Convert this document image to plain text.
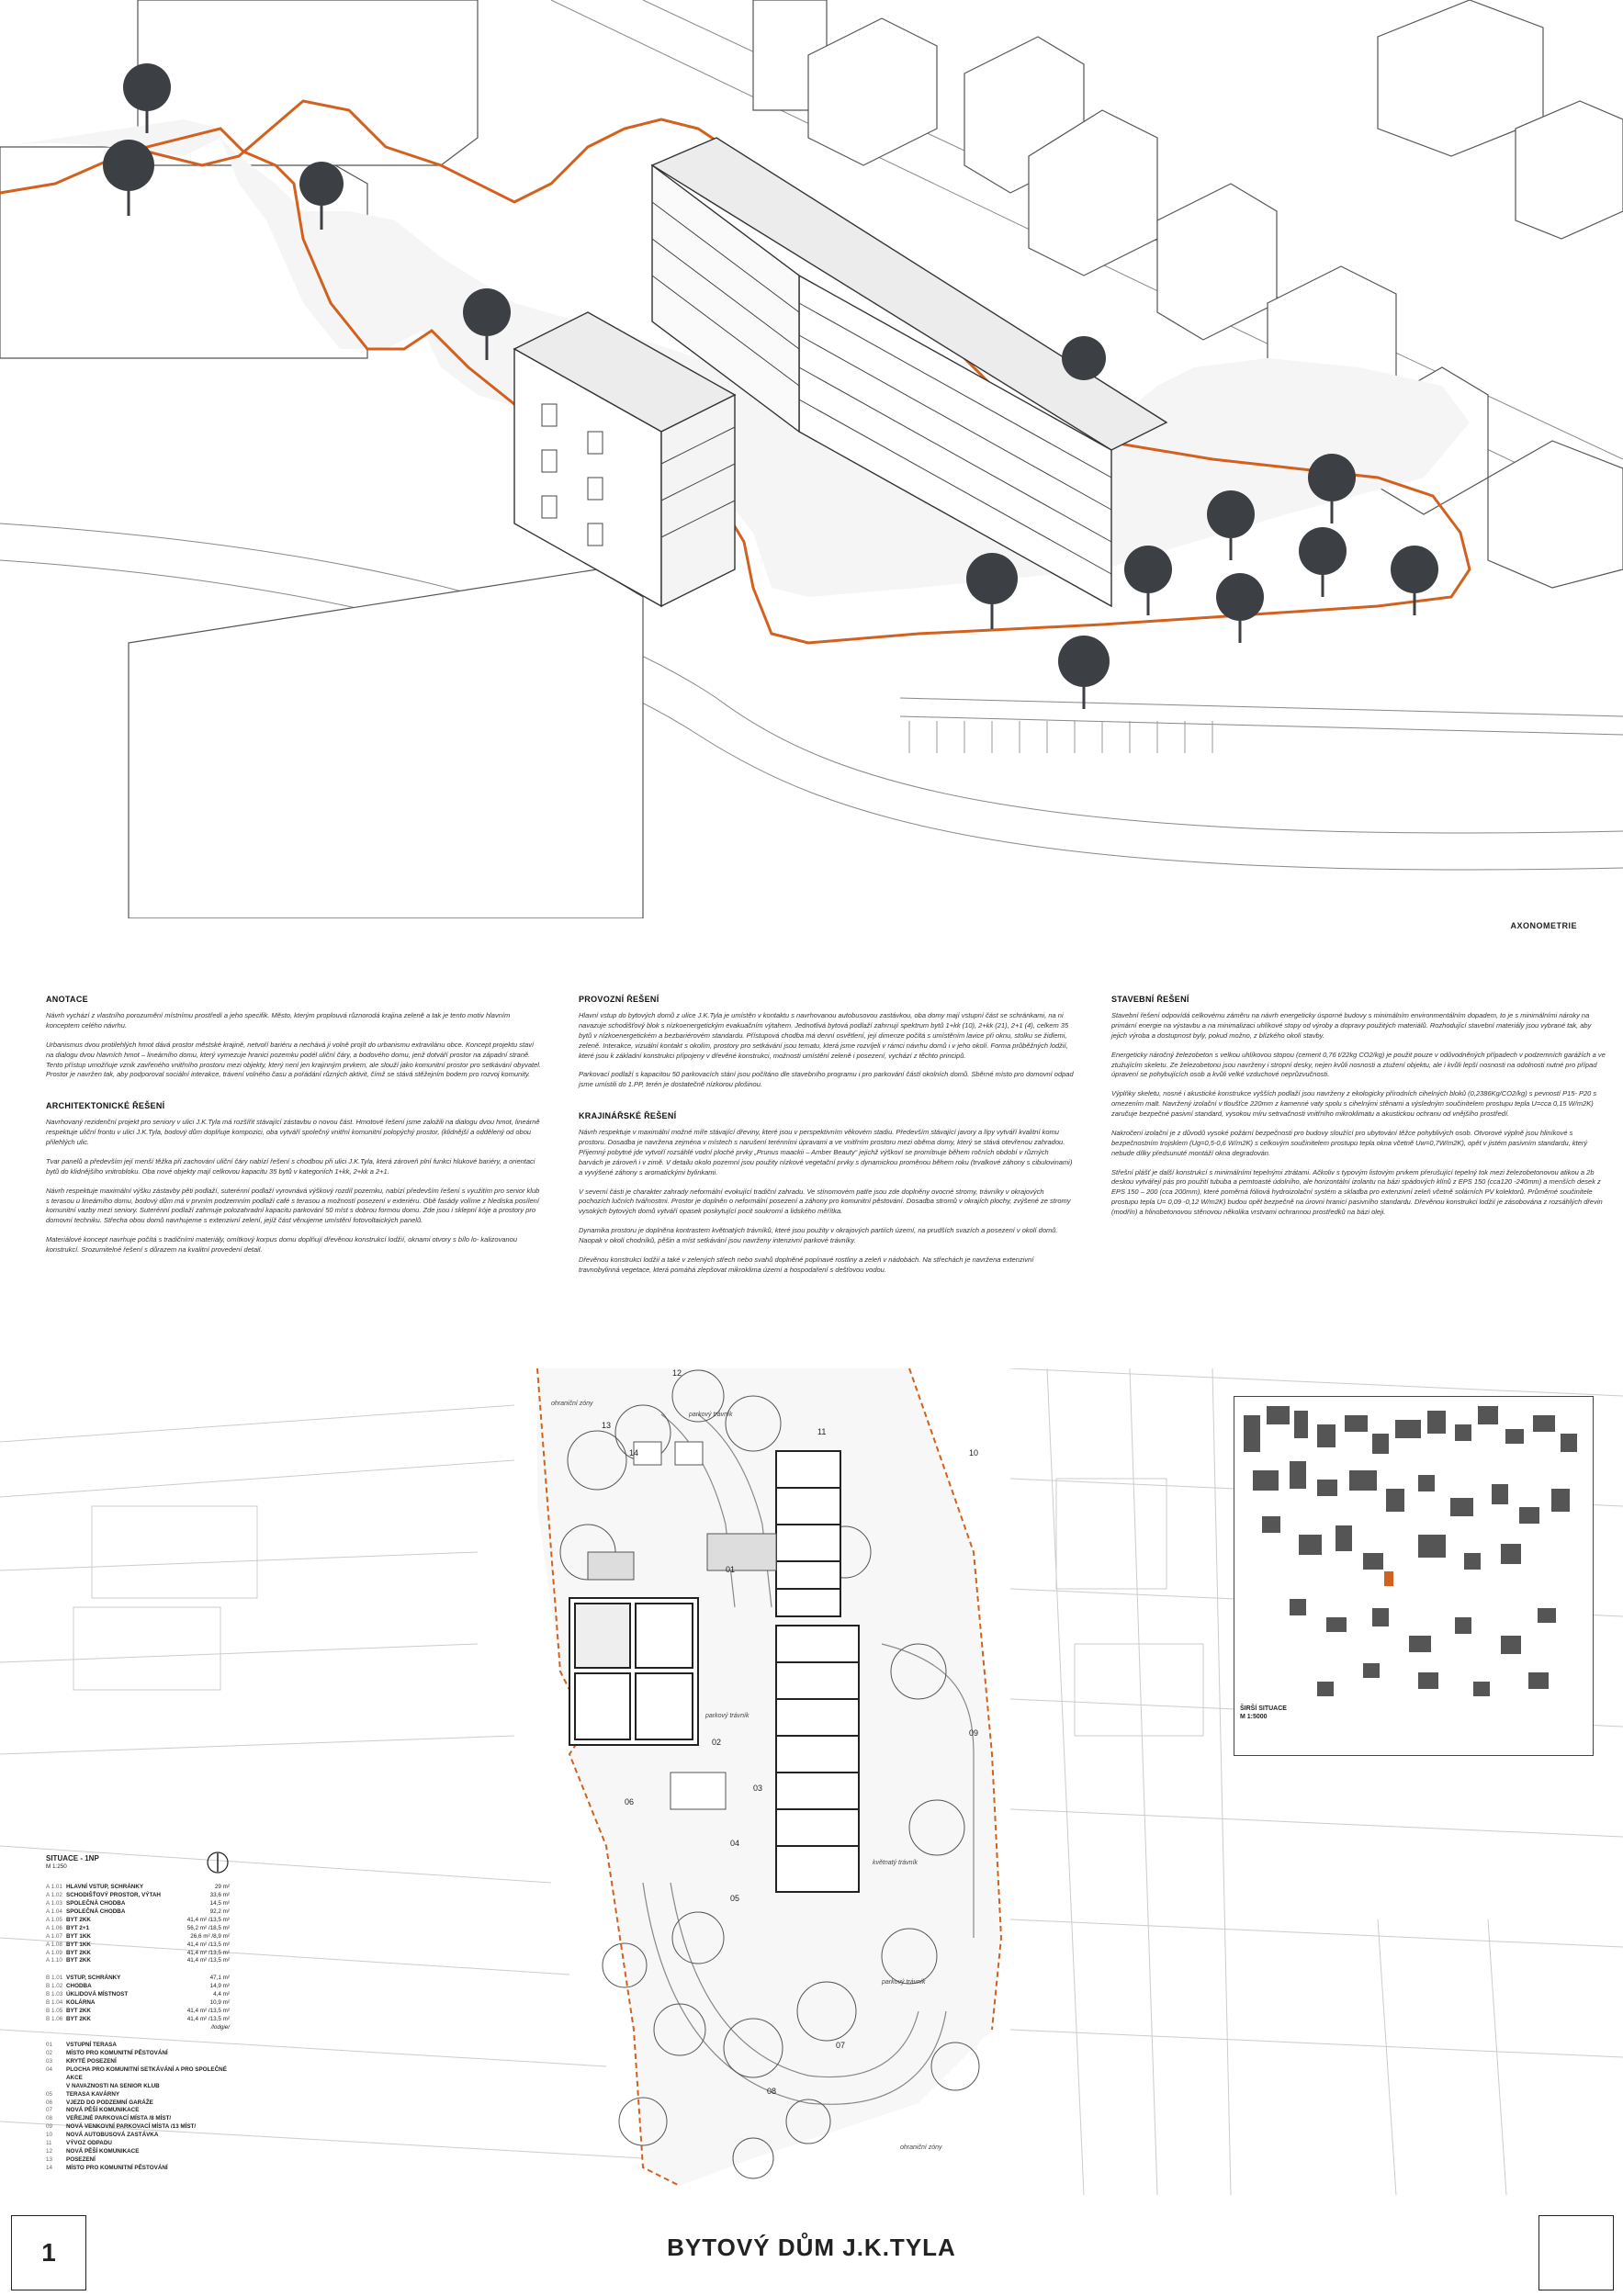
AXONOMETRIE
ANOTACE

Návrh vychází z vlastního porozumění místnímu prostředí a jeho specifik. Město, kterým proplouvá různorodá krajina zeleně a tak je tento motiv hlavním konceptem celého návrhu.

Urbanismus dvou protilehlých hmot dává prostor městské krajině, netvoří bariéru a nechává ji volně projít do urbanismu extravilánu obce. Koncept projektu staví na dialogu dvou hlavních hmot – lineárního domu, který vymezuje hranici pozemku podél uliční čáry, a bodového domu, jenž dotváří prostor na západní straně. Tento přístup umožňuje vznik zavřeného vnitřního prostoru mezi objekty, který není jen krajinným prvkem, ale slouží jako komunitní prostor pro setkávání obyvatel. Prostor je navržen tak, aby podporoval sociální interakce, trávení volného času a pořádání různých aktivit, čímž se stává stěžejním bodem pro rozvoj komunity.

ARCHITEKTONICKÉ ŘEŠENÍ

Navrhovaný rezidenční projekt pro seniory v ulici J.K.Tyla má rozšířit stávající zástavbu o novou část. Hmotové řešení jsme založili na dialogu dvou hmot, lineárně respektuje uliční frontu v ulici J.K.Tyla, bodový dům doplňuje kompozici, oba vytváří společný vnitřní komunitní polopýchý prostor, (klidnější a oddělený od obou přilehlých ulic.

Tvar panelů a především její menší těžka při zachování uliční čáry nabízí řešení s chodbou při ulici J.K.Tyla, která zároveň plní funkci hlukové bariéry, a orientaci bytů do klidnějšího vnitrobloku. Oba nové objekty mají celkovou kapacitu 35 bytů v kategoriích 1+kk, 2+kk a 2+1.

Návrh respektuje maximální výšku zástavby pěti podlaží, suterénní podlaží vyrovnává výškový rozdíl pozemku, nabízí především řešení s využitím pro senior klub s terasou u lineárního domu, bodový dům má v prvním podzemním podlaží café s terasou a možností posezení v exteriéru. Obě fasády volíme z hlediska posílení komunitní vazby mezi seniory. Suterénní podlaží zahrnuje polozahradní kapacitu parkování 50 míst s dobrou formou domu. Zde jsou i sklepní kóje a prostory pro domovní techniku. Střecha obou domů navrhujeme s extenzivní zelení, jejíž část věnujeme umístění fotovoltaických panelů.

Materiálové koncept navrhuje počítá s tradičními materiály, omítkový korpus domu doplňují dřevěnou konstrukcí lodžií, oknami otvory s bílo lo- kalizovanou konstrukcí. Srozumitelné řešení s důrazem na kvalitní provedení detail.

PROVOZNÍ ŘEŠENÍ

Hlavní vstup do bytových domů z ulice J.K.Tyla je umístěn v kontaktu s navrhovanou autobusovou zastávkou, oba domy mají vstupní část se schránkami, na ni navazuje schodišťový blok s nízkoenergetickým evakuačním výtahem. Jednotlivá bytová podlaží zahrnují spektrum bytů 1+kk (10), 2+kk (21), 2+1 (4), celkem 35 bytů v nízkoenergetickém a bezbariérovém standardu. Přístupová chodba má denní osvětlení, její dimenze počítá s umístěním lavice při oknu, stolku se židlemi, zeleně. Interakce, vizuální kontakt s okolím, prostory pro setkávání jsou tematu, která jsme rozvíjeli v rámci návrhu domů i v jeho okolí. Forma průběžných lodžií, které jsou k základní konstrukci připojeny v dřevěné konstrukci, možnosti umístění zeleně i posezení, vychází z těchto principů.

Parkovací podlaží s kapacitou 50 parkovacích stání jsou počítáno dle stavebního programu i pro parkování částí okolních domů. Sběrné místo pro domovní odpad jsme umístili do 1.PP, terén je dostatečně nízkorou plošinou.

KRAJINÁŘSKÉ ŘEŠENÍ

Návrh respektuje v maximální možné míře stávající dřeviny, které jsou v perspektivním věkovém stadiu. Především stávající javory a lípy vytváří kvalitní komu prostoru. Dosadba je navržena zejména v místech s narušení terénními úpravami a ve vnitřním prostoru mezi oběma domy, který se stává otevřenou zahradou. Přijemný pobytné jde vytvoří rozsáhlé vodní ploché prvky „Prunus maackii – Amber Beauty“ jejichž výškoví se promítnuje během ročních období v různých barvách je zároveň i v zimě. V detailu okolo pozemní jsou použity nízkové vegetační prvky s dynamickou proměnou během roku (trvalkové záhony s cibulovinami) a vyvýšené záhony s aromatickými bylinkami.

V severní části je charakter zahrady neformální evokující tradiční zahradu. Ve stínomovém patře jsou zde doplněny ovocné stromy, trávníky v okrajových pochozích lučních tvářnostmi. Prostor je doplněn o neformální posezení a záhony pro komunitní pěstování. Dosadba stromů v okrajích plochy, zvýšené ze stromy vysokých bytových domů vytváří opasek poskytující pocit soukromí a lidského měřítka.

Dynamika prostoru je doplněna kontrastem květnatých trávníků, které jsou použity v okrajových partiích území, na prudších svazích a posezení v okolí domů. Naopak v okolí chodníků, pěšin a míst setkávání jsou navrženy intenzivní parkové trávníky.

Dřevěnou konstrukci lodžií a také v zelených střech nebo svahů doplněné popínavé rostliny a zeleň v nádobách. Na střechách je navržena extenzivní travnobylinná vegetace, která pomáhá zlepšovat mikroklima území a hospodaření s dešťovou vodou.

STAVEBNÍ ŘEŠENÍ

Stavební řešení odpovídá celkovému záměru na návrh energeticky úsporné budovy s minimálním environmentálním dopadem, to je s minimálními nároky na primární energie na výstavbu a na minimalizaci uhlíkové stopy od výroby a dopravy použitých materiálů. Rozhodující stavební materiály jsou vybrané tak, aby jejich výroba a dostupnost byly, pokud možno, z blízkého okolí stavby.

Energeticky náročný železobeton s velkou uhlíkovou stopou (cement 0,76 t/22kg CO2/kg) je použit pouze v odůvodněných případech v podzemních garážích a ve ztužujícím skeletu. Ze železobetonu jsou navrženy i stropní desky, nejen kvůli nosnosti a ztužení objektu, ale i kvůli lepší nosnosti na odolnosti nutné pro případ úpravení se pohybujících osob a kvůli velké vzduchové neprůzvučnosti.

Výplňky skeletu, nosné i akustické konstrukce vyšších podlaží jsou navrženy z ekologicky přírodních cihelných bloků (0,2386Kg/CO2/kg) s pevností P15- P20 s omezením malt. Navržený izolační v tloušťce 220mm z kamenné vaty spolu s cihelnými stěnami a výsledným součinitelem prostupu tepla U=cca 0,15 W/m2K) zaručuje bezpečné pasivní standard, vysokou míru setrvačnosti vnitřního mikroklimatu a akustickou ochranu od vnějšího prostředí.

Nakročení izolační je z důvodů vysoké požární bezpečnosti pro budovy sloužící pro ubytování těžce pohyblivých osob. Otvorové výplně jsou hliníkové s bezpečnostním trojsklem (Ug=0,5-0,6 W/m2K) s celkovým součinitelem prostupu tepla okna včetně Uw=0,7W/m2K), opět v jistém pasivním standardu, který nebude dílky předsunuté montáží okna degradován.

Střešní plášť je další konstrukcí s minimálními tepelnými ztrátami. Ačkoliv s typovým listovým prvkem přerušující tepelný tok mezi železobetonovou atikou a 2b deskou vytvářejí pás pro použití tububa a pemtoasté údolního, ale horizontální izolantu na bázi spádových klínů z EPS 150 (cca120 -240mm) a menších desek z EPS 150 – 200 (cca 200mm), které poměrná fóliová hydroizolační systém a skladba pro extenzivní zeleň včetně solárních PV kolektorů. Průměrné součinitele prostupu tepla U= 0,09 -0,12 W/m2K) budou opět bezpečně na úrovni hranicí pasivního standardu. Dřevěnou konstrukci lodžií je zásobována z rozsáhlých dřevin (modřín) a hlinobetonovou stěnovou několika vrstvami ochrannou prostředků na bázi oleji.

01
02
03
04
05
06
07
08
09
10
11
12
13
14
parkový trávník
parkový trávník
květnatý trávník
parkový trávník
ohraniční zóny
ohraniční zóny
ŠIRŠÍ SITUACE
M 1:5000
SITUACE - 1NP
M 1:250
A 1.01 HLAVNÍ VSTUP, SCHRÁNKY	29 m²
A 1.02 SCHODIŠŤOVÝ PROSTOR, VÝTAH	33,6 m²
A 1.03 SPOLEČNÁ CHODBA	14,5 m²
A 1.04 SPOLEČNÁ CHODBA	92,2 m²
A 1.05 BYT 2KK	41,4 m² /13,5 m²
A 1.06 BYT 2+1	56,2 m² /18,5 m²
A 1.07 BYT 1KK	26,6 m² /8,9 m²
A 1.08 BYT 1KK	41,4 m² /13,5 m²
A 1.09 BYT 2KK	41,4 m² /13,5 m²
A 1.10 BYT 2KK	41,4 m² /13,5 m²
B 1.01 VSTUP, SCHRÁNKY	47,1 m²
B 1.02 CHODBA	14,9 m²
B 1.03 ÚKLIDOVÁ MÍSTNOST	4,4 m²
B 1.04 KOLÁRNA	10,9 m²
B 1.05 BYT 2KK	41,4 m² /13,5 m²
B 1.06 BYT 2KK	41,4 m² /13,5 m²
/lodgie/
01	VSTUPNÍ TERASA
02	MÍSTO PRO KOMUNITNÍ PĚSTOVÁNÍ
03	KRYTÉ POSEZENÍ
04	PLOCHA PRO KOMUNITNÍ SETKÁVÁNÍ A PRO SPOLEČNÉ AKCE
V NAVAZNOSTI NA SENIOR KLUB
05	TERASA KAVÁRNY
06	VJEZD DO PODZEMNÍ GARÁŽE
07	NOVÁ PĚŠÍ KOMUNIKACE
08	VEŘEJNÉ PARKOVACÍ MÍSTA /8 MÍST/
09	NOVÁ VENKOVNÍ PARKOVACÍ MÍSTA /13 MÍST/
10	NOVÁ AUTOBUSOVÁ ZASTÁVKA
11	VÝVOZ ODPADU
12	NOVÁ PĚŠÍ KOMUNIKACE
13	POSEZENÍ
14	MÍSTO PRO KOMUNITNÍ PĚSTOVÁNÍ
1	BYTOVÝ DŮM J.K.TYLA
